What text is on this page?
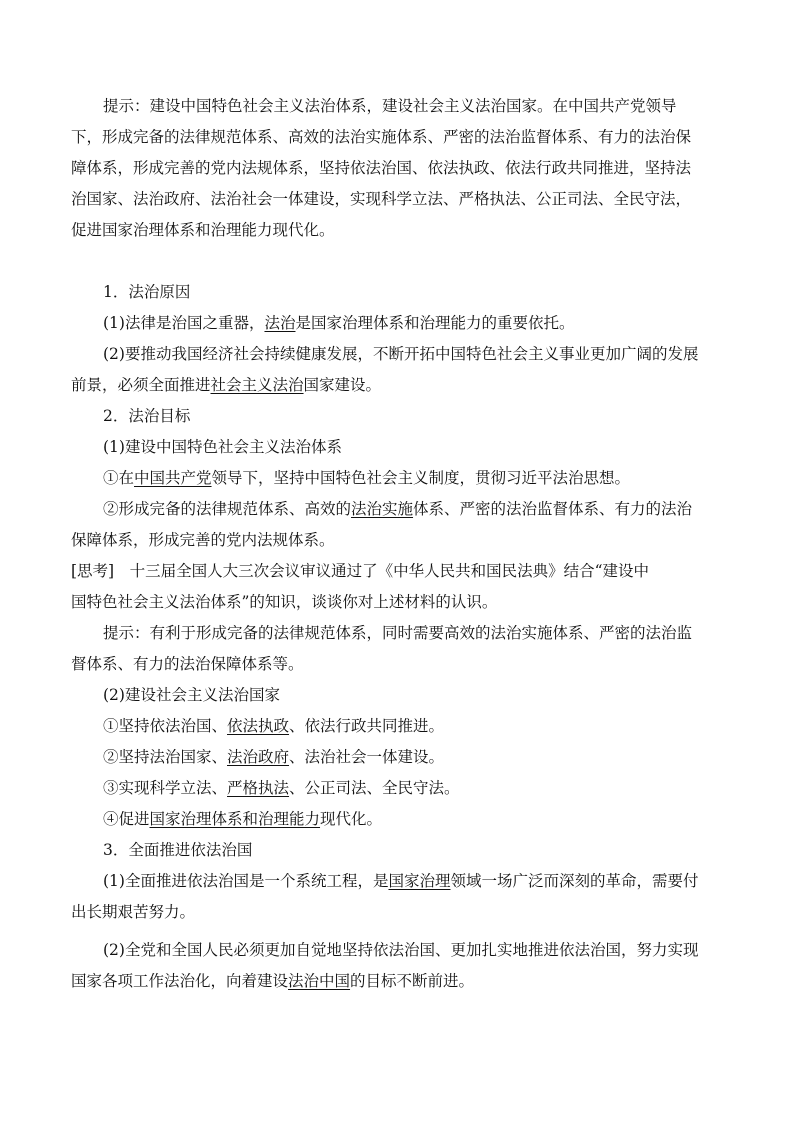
提示：建设中国特色社会主义法治体系，建设社会主义法治国家。在中国共产党领导
下，形成完备的法律规范体系、高效的法治实施体系、严密的法治监督体系、有力的法治保
障体系，形成完善的党内法规体系，坚持依法治国、依法执政、依法行政共同推进，坚持法
治国家、法治政府、法治社会一体建设，实现科学立法、严格执法、公正司法、全民守法，
促进国家治理体系和治理能力现代化。
1．法治原因
(1)法律是治国之重器，法治是国家治理体系和治理能力的重要依托。
(2)要推动我国经济社会持续健康发展，不断开拓中国特色社会主义事业更加广阔的发展
前景，必须全面推进社会主义法治国家建设。
2．法治目标
(1)建设中国特色社会主义法治体系
①在中国共产党领导下，坚持中国特色社会主义制度，贯彻习近平法治思想。
②形成完备的法律规范体系、高效的法治实施体系、严密的法治监督体系、有力的法治
保障体系，形成完善的党内法规体系。
[思考]　十三届全国人大三次会议审议通过了《中华人民共和国民法典》结合“建设中
国特色社会主义法治体系”的知识，谈谈你对上述材料的认识。
提示：有利于形成完备的法律规范体系，同时需要高效的法治实施体系、严密的法治监
督体系、有力的法治保障体系等。
(2)建设社会主义法治国家
①坚持依法治国、依法执政、依法行政共同推进。
②坚持法治国家、法治政府、法治社会一体建设。
③实现科学立法、严格执法、公正司法、全民守法。
④促进国家治理体系和治理能力现代化。
3．全面推进依法治国
(1)全面推进依法治国是一个系统工程，是国家治理领域一场广泛而深刻的革命，需要付
出长期艰苦努力。
(2)全党和全国人民必须更加自觉地坚持依法治国、更加扎实地推进依法治国，努力实现
国家各项工作法治化，向着建设法治中国的目标不断前进。
